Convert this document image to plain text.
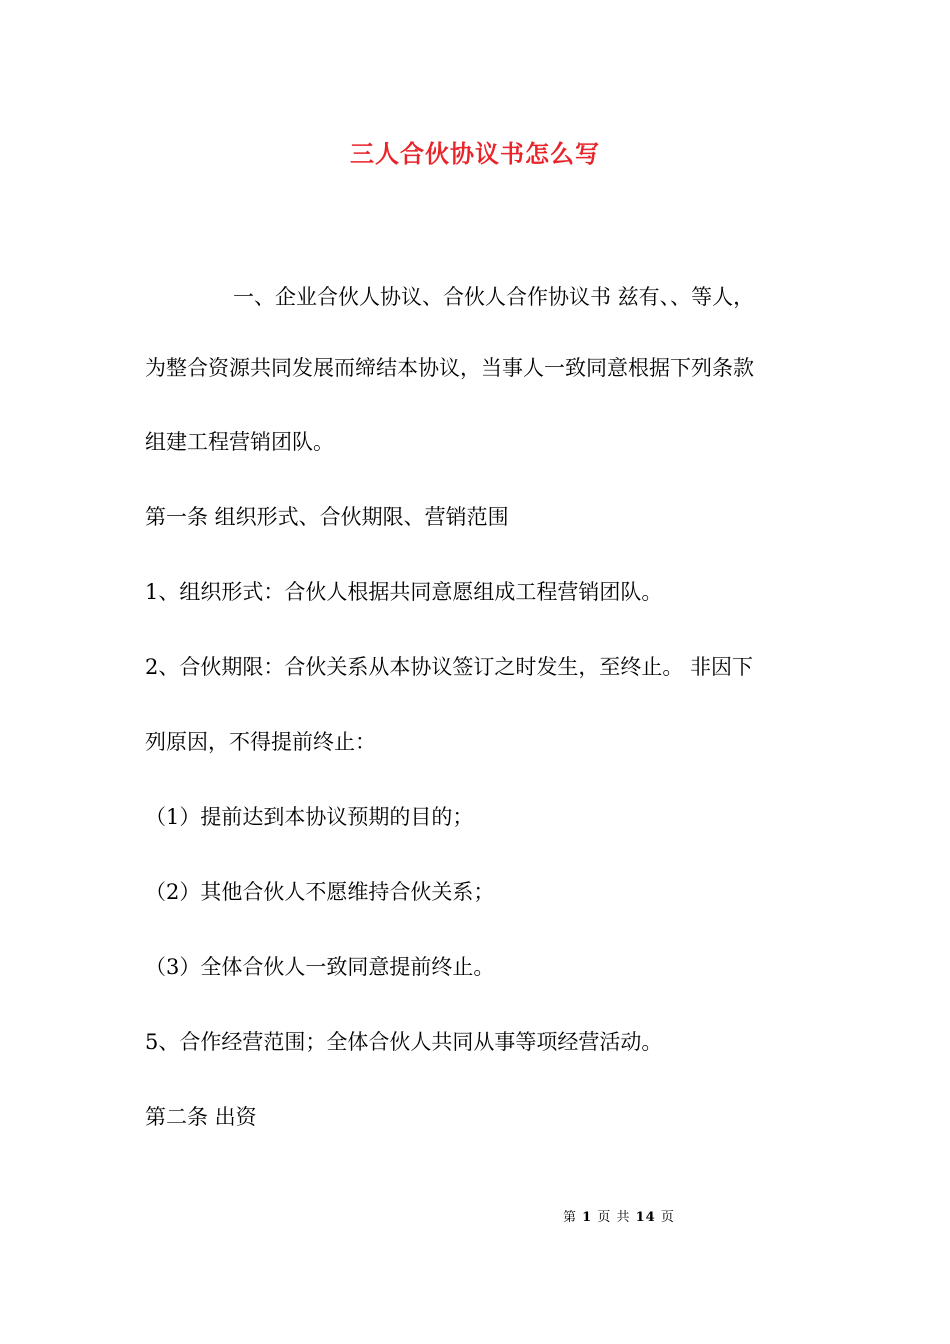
三人合伙协议书怎么写
一、企业合伙人协议、合伙人合作协议书 兹有、、等人，
为整合资源共同发展而缔结本协议，当事人一致同意根据下列条款
组建工程营销团队。
第一条 组织形式、合伙期限、营销范围
1、组织形式：合伙人根据共同意愿组成工程营销团队。
2、合伙期限：合伙关系从本协议签订之时发生，至终止。 非因下
列原因，不得提前终止：
（1）提前达到本协议预期的目的；
（2）其他合伙人不愿维持合伙关系；
（3）全体合伙人一致同意提前终止。
5、合作经营范围；全体合伙人共同从事等项经营活动。
第二条 出资
第 1 页 共 14 页
